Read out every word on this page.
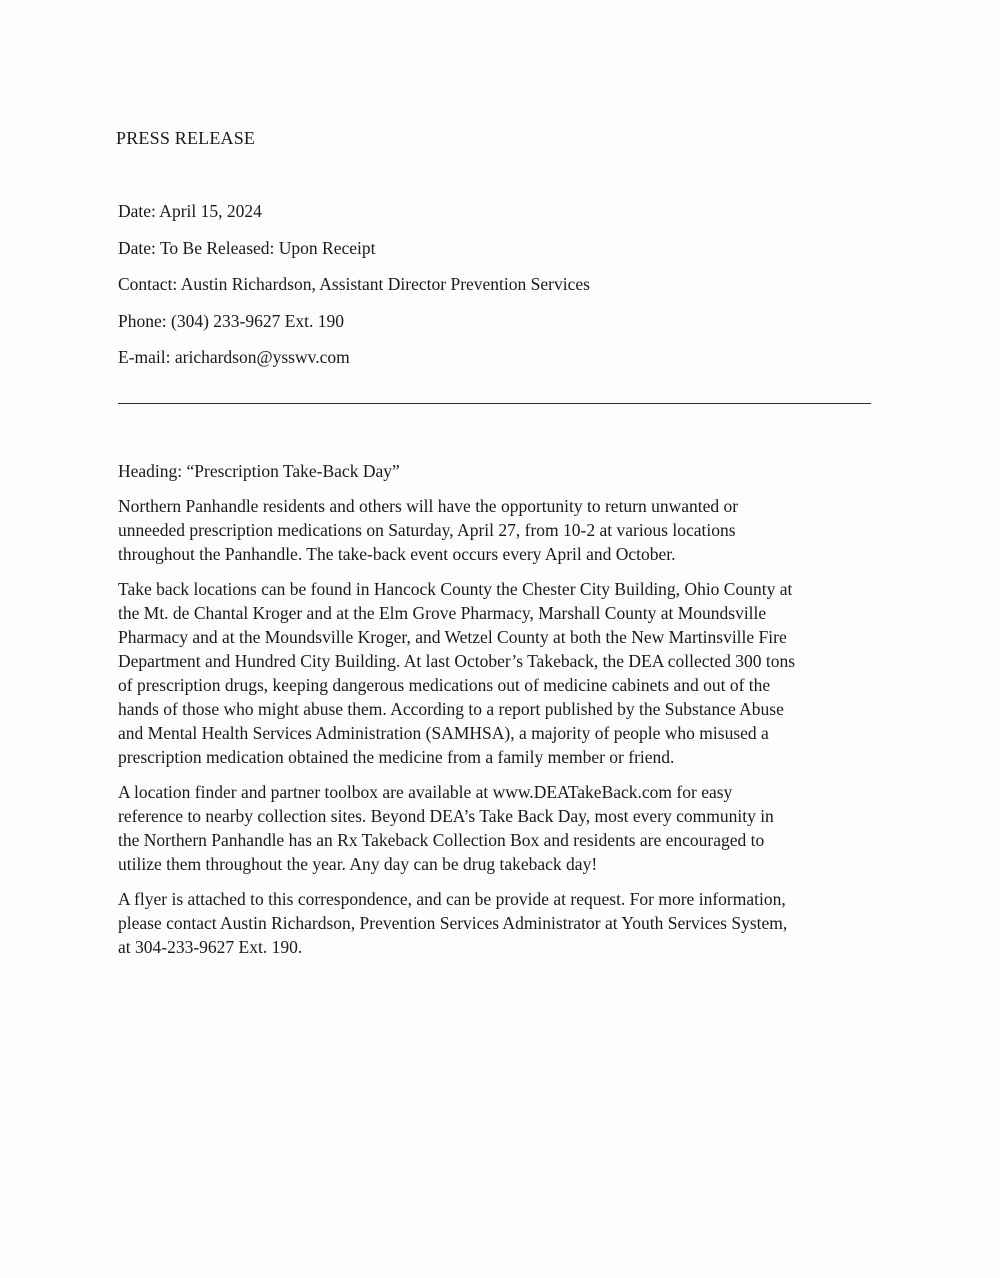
PRESS RELEASE
Date: April 15, 2024
Date: To Be Released: Upon Receipt
Contact: Austin Richardson, Assistant Director Prevention Services
Phone: (304) 233-9627 Ext. 190
E-mail: arichardson@ysswv.com

Heading: “Prescription Take-Back Day”

Northern Panhandle residents and others will have the opportunity to return unwanted or
unneeded prescription medications on Saturday, April 27, from 10-2 at various locations
throughout the Panhandle. The take-back event occurs every April and October.

Take back locations can be found in Hancock County the Chester City Building, Ohio County at
the Mt. de Chantal Kroger and at the Elm Grove Pharmacy, Marshall County at Moundsville
Pharmacy and at the Moundsville Kroger, and Wetzel County at both the New Martinsville Fire
Department and Hundred City Building. At last October’s Takeback, the DEA collected 300 tons
of prescription drugs, keeping dangerous medications out of medicine cabinets and out of the
hands of those who might abuse them. According to a report published by the Substance Abuse
and Mental Health Services Administration (SAMHSA), a majority of people who misused a
prescription medication obtained the medicine from a family member or friend.

A location finder and partner toolbox are available at www.DEATakeBack.com for easy
reference to nearby collection sites. Beyond DEA’s Take Back Day, most every community in
the Northern Panhandle has an Rx Takeback Collection Box and residents are encouraged to
utilize them throughout the year. Any day can be drug takeback day!

A flyer is attached to this correspondence, and can be provide at request. For more information,
please contact Austin Richardson, Prevention Services Administrator at Youth Services System,
at 304-233-9627 Ext. 190.
